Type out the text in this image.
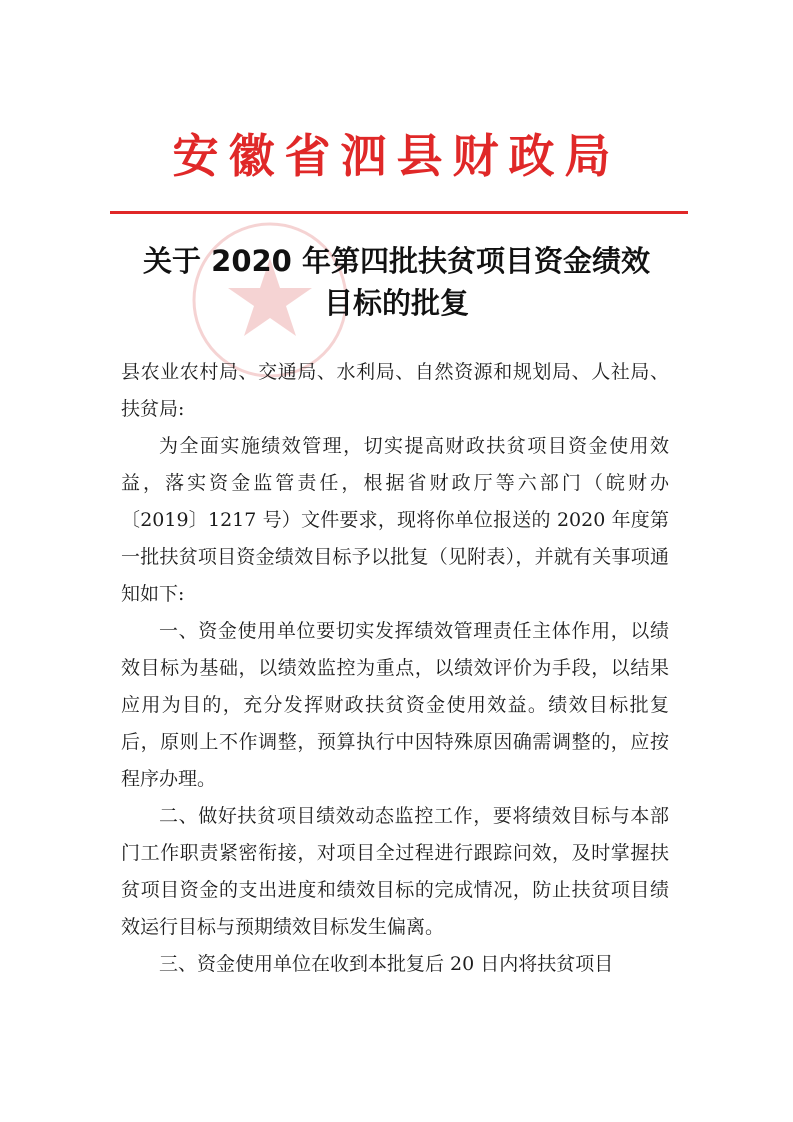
安徽省泗县财政局
关于 2020 年第四批扶贫项目资金绩效
目标的批复

县农业农村局、交通局、水利局、自然资源和规划局、人社局、扶贫局:

为全面实施绩效管理，切实提高财政扶贫项目资金使用效益，落实资金监管责任，根据省财政厅等六部门（皖财办〔2019〕1217 号）文件要求，现将你单位报送的 2020 年度第一批扶贫项目资金绩效目标予以批复（见附表），并就有关事项通知如下:

一、资金使用单位要切实发挥绩效管理责任主体作用，以绩效目标为基础，以绩效监控为重点，以绩效评价为手段，以结果应用为目的，充分发挥财政扶贫资金使用效益。绩效目标批复后，原则上不作调整，预算执行中因特殊原因确需调整的，应按程序办理。

二、做好扶贫项目绩效动态监控工作，要将绩效目标与本部门工作职责紧密衔接，对项目全过程进行跟踪问效，及时掌握扶贫项目资金的支出进度和绩效目标的完成情况，防止扶贫项目绩效运行目标与预期绩效目标发生偏离。

三、资金使用单位在收到本批复后 20 日内将扶贫项目
